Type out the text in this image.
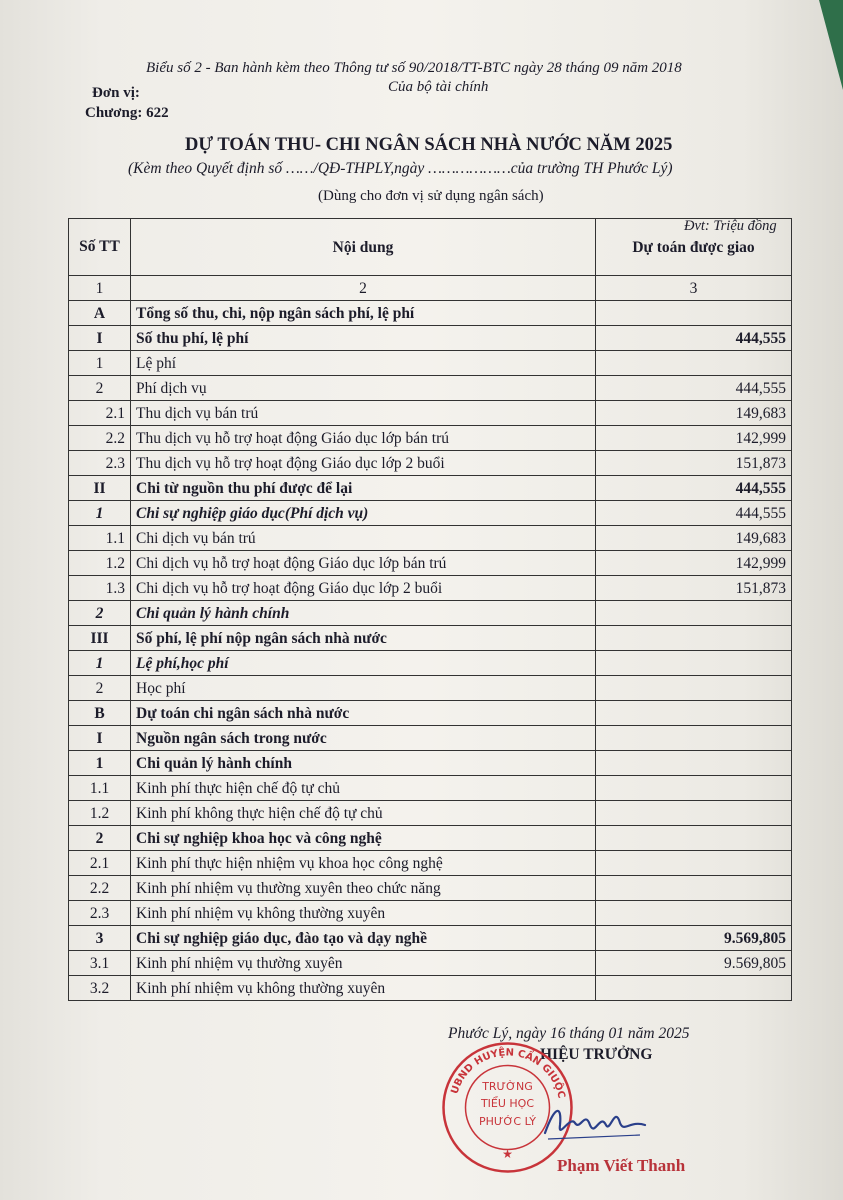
Biểu số 2 - Ban hành kèm theo Thông tư số 90/2018/TT-BTC ngày 28 tháng 09 năm 2018
Của bộ tài chính
Đơn vị:
Chương: 622
DỰ TOÁN THU- CHI NGÂN SÁCH NHÀ NƯỚC NĂM 2025
(Kèm theo Quyết định số ……/QĐ-THPLY,ngày ………………của trường TH Phước Lý)
(Dùng cho đơn vị sử dụng ngân sách)
Đvt: Triệu đồng
Số TT	Nội dung	Dự toán được giao
1	2	3
A	Tổng số thu, chi, nộp ngân sách phí, lệ phí	
I	Số thu phí, lệ phí	444,555
1	Lệ phí	
2	Phí dịch vụ	444,555
2.1	Thu dịch vụ bán trú	149,683
2.2	Thu dịch vụ hỗ trợ hoạt động Giáo dục lớp bán trú	142,999
2.3	Thu dịch vụ hỗ trợ hoạt động Giáo dục lớp 2 buổi	151,873
II	Chi từ nguồn thu phí được để lại	444,555
1	Chi sự nghiệp giáo dục(Phí dịch vụ)	444,555
1.1	Chi dịch vụ bán trú	149,683
1.2	Chi dịch vụ hỗ trợ hoạt động Giáo dục lớp bán trú	142,999
1.3	Chi dịch vụ hỗ trợ hoạt động Giáo dục lớp 2 buổi	151,873
2	Chi quản lý hành chính	
III	Số phí, lệ phí nộp ngân sách nhà nước	
1	Lệ phí,học phí	
2	Học phí	
B	Dự toán chi ngân sách nhà nước	
I	Nguồn ngân sách trong nước	
1	Chi quản lý hành chính	
1.1	Kinh phí thực hiện chế độ tự chủ	
1.2	Kinh phí không thực hiện chế độ tự chủ	
2	Chi sự nghiệp khoa học và công nghệ	
2.1	Kinh phí thực hiện nhiệm vụ khoa học công nghệ	
2.2	Kinh phí nhiệm vụ thường xuyên theo chức năng	
2.3	Kinh phí nhiệm vụ không thường xuyên	
3	Chi sự nghiệp giáo dục, đào tạo và dạy nghề	9.569,805
3.1	Kinh phí nhiệm vụ thường xuyên	9.569,805
3.2	Kinh phí nhiệm vụ không thường xuyên	
Phước Lý, ngày 16 tháng 01 năm 2025
HIỆU TRƯỞNG
UBND HUYỆN CẦN GIUỘC
TRƯỜNG
TIỂU HỌC
PHƯỚC LÝ
★
Phạm Viết Thanh
